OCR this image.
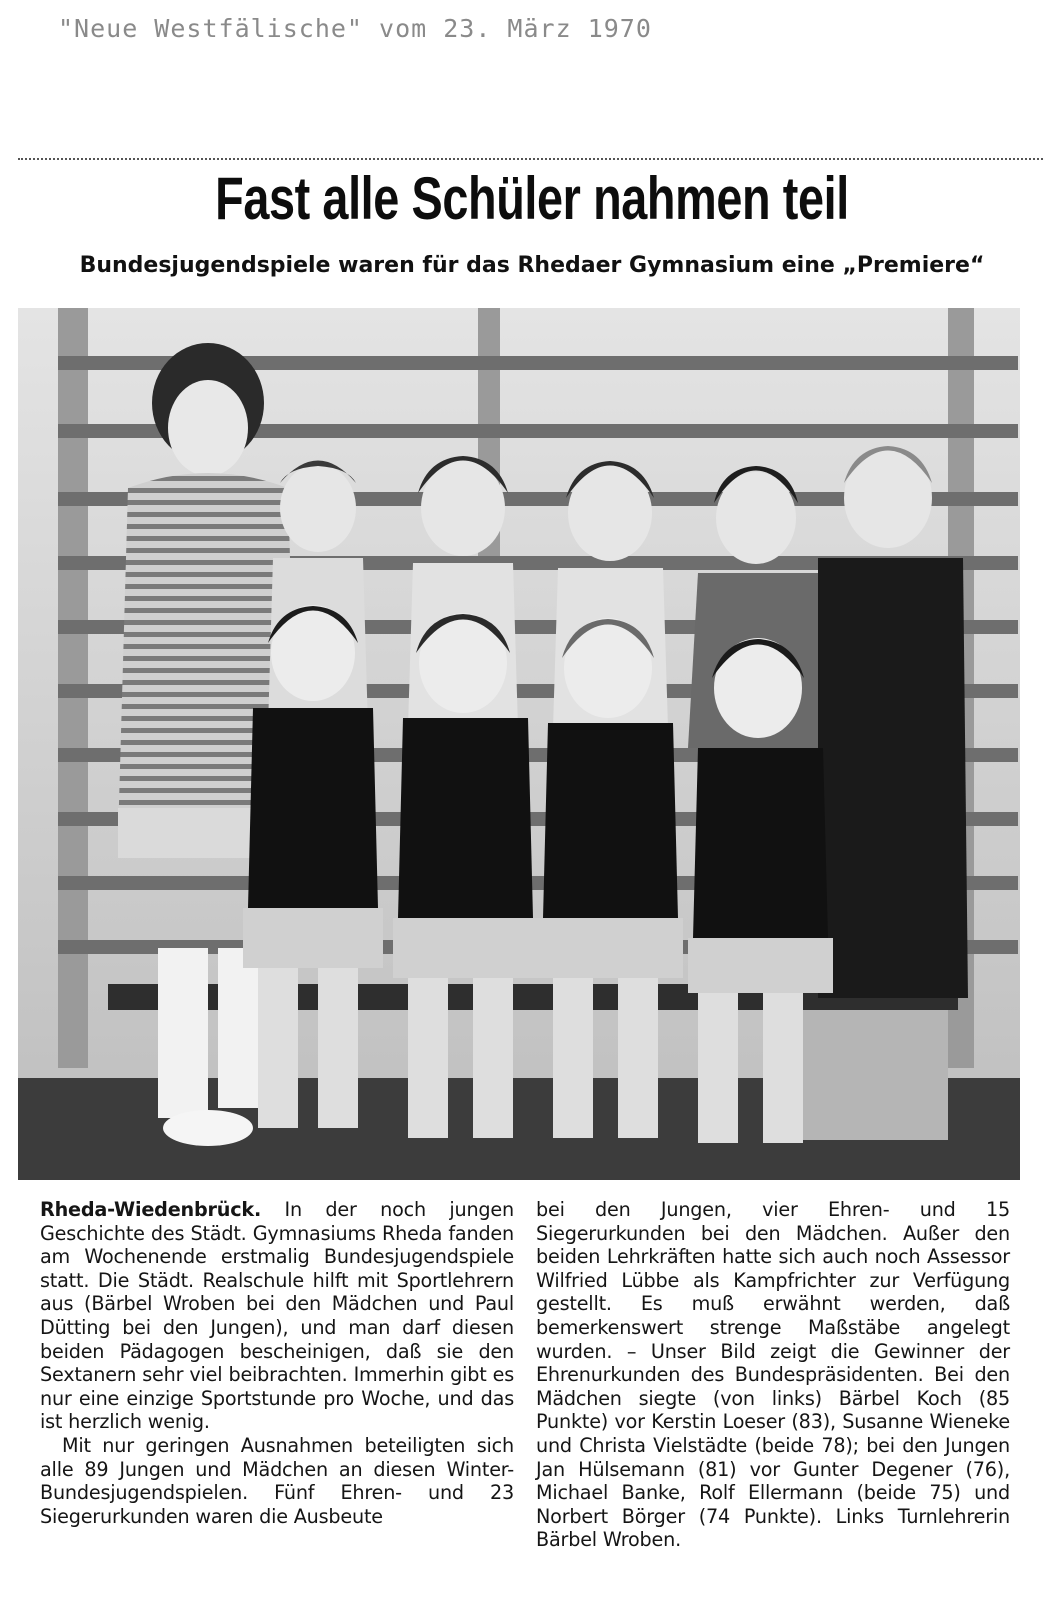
"Neue Westfälische" vom 23. März 1970
Fast alle Schüler nahmen teil
Bundesjugendspiele waren für das Rhedaer Gymnasium eine „Premiere“

Rheda-Wiedenbrück. In der noch jungen Geschichte des Städt. Gymnasiums Rheda fanden am Wochenende erstmalig Bundesjugendspiele statt. Die Städt. Realschule hilft mit Sportlehrern aus (Bärbel Wroben bei den Mädchen und Paul Dütting bei den Jungen), und man darf diesen beiden Pädagogen bescheinigen, daß sie den Sextanern sehr viel beibrachten. Immerhin gibt es nur eine einzige Sportstunde pro Woche, und das ist herzlich wenig.

Mit nur geringen Ausnahmen beteiligten sich alle 89 Jungen und Mädchen an diesen Winter-Bundesjugendspielen. Fünf Ehren- und 23 Siegerurkunden waren die Ausbeute

bei den Jungen, vier Ehren- und 15 Siegerurkunden bei den Mädchen. Außer den beiden Lehrkräften hatte sich auch noch Assessor Wilfried Lübbe als Kampfrichter zur Verfügung gestellt. Es muß erwähnt werden, daß bemerkenswert strenge Maßstäbe angelegt wurden. – Unser Bild zeigt die Gewinner der Ehrenurkunden des Bundespräsidenten. Bei den Mädchen siegte (von links) Bärbel Koch (85 Punkte) vor Kerstin Loeser (83), Susanne Wieneke und Christa Vielstädte (beide 78); bei den Jungen Jan Hülsemann (81) vor Gunter Degener (76), Michael Banke, Rolf Ellermann (beide 75) und Norbert Börger (74 Punkte). Links Turnlehrerin Bärbel Wroben.
